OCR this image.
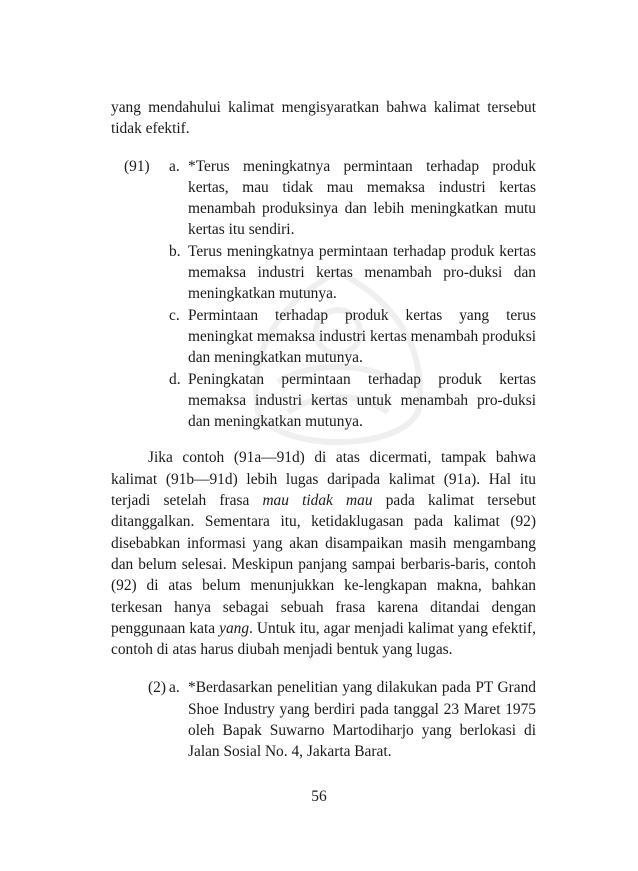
yang mendahului kalimat mengisyaratkan bahwa kalimat tersebut tidak efektif.

(91) a. *Terus meningkatnya permintaan terhadap produk kertas, mau tidak mau memaksa industri kertas menambah produksinya dan lebih meningkatkan mutu kertas itu sendiri.
b. Terus meningkatnya permintaan terhadap produk kertas memaksa industri kertas menambah pro-duksi dan meningkatkan mutunya.
c. Permintaan terhadap produk kertas yang terus meningkat memaksa industri kertas menambah produksi dan meningkatkan mutunya.
d. Peningkatan permintaan terhadap produk kertas memaksa industri kertas untuk menambah pro-duksi dan meningkatkan mutunya.

Jika contoh (91a—91d) di atas dicermati, tampak bahwa kalimat (91b—91d) lebih lugas daripada kalimat (91a). Hal itu terjadi setelah frasa mau tidak mau pada kalimat tersebut ditanggalkan. Sementara itu, ketidaklugasan pada kalimat (92) disebabkan informasi yang akan disampaikan masih mengambang dan belum selesai. Meskipun panjang sampai berbaris-baris, contoh (92) di atas belum menunjukkan ke-lengkapan makna, bahkan terkesan hanya sebagai sebuah frasa karena ditandai dengan penggunaan kata yang. Untuk itu, agar menjadi kalimat yang efektif, contoh di atas harus diubah menjadi bentuk yang lugas.

(2) a. *Berdasarkan penelitian yang dilakukan pada PT Grand Shoe Industry yang berdiri pada tanggal 23 Maret 1975 oleh Bapak Suwarno Martodiharjo yang berlokasi di Jalan Sosial No. 4, Jakarta Barat.
56
